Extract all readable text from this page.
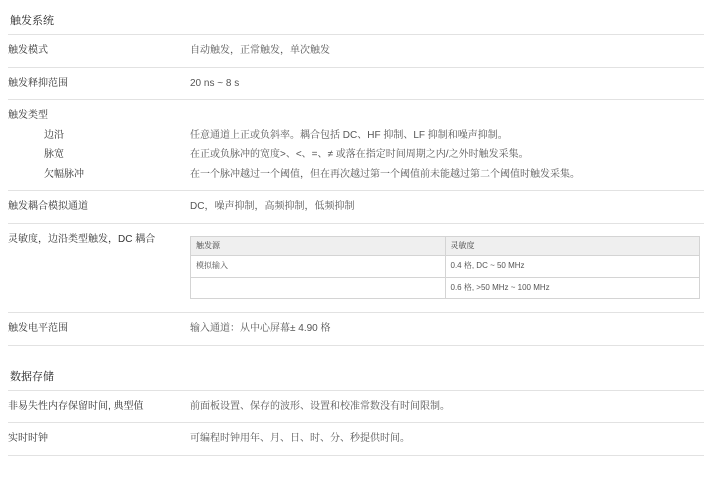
触发系统
触发模式	自动触发，正常触发，单次触发
触发释抑范围	20 ns ~ 8 s
触发类型	
边沿	任意通道上正或负斜率。耦合包括 DC、HF 抑制、LF 抑制和噪声抑制。
脉宽	在正或负脉冲的宽度>、<、=、≠ 或落在指定时间周期之内/之外时触发采集。
欠幅脉冲	在一个脉冲越过一个阈值，但在再次越过第一个阈值前未能越过第二个阈值时触发采集。
触发耦合模拟通道	DC，噪声抑制，高频抑制，低频抑制
灵敏度，边沿类型触发，DC 耦合	
触发源	灵敏度
模拟输入	0.4 格, DC ~ 50 MHz
	0.6 格, >50 MHz ~ 100 MHz

触发电平范围	输入通道：从中心屏幕± 4.90 格
数据存储
非易失性内存保留时间, 典型值	前面板设置、保存的波形、设置和校准常数没有时间限制。
实时时钟	可编程时钟用年、月、日、时、分、秒提供时间。
